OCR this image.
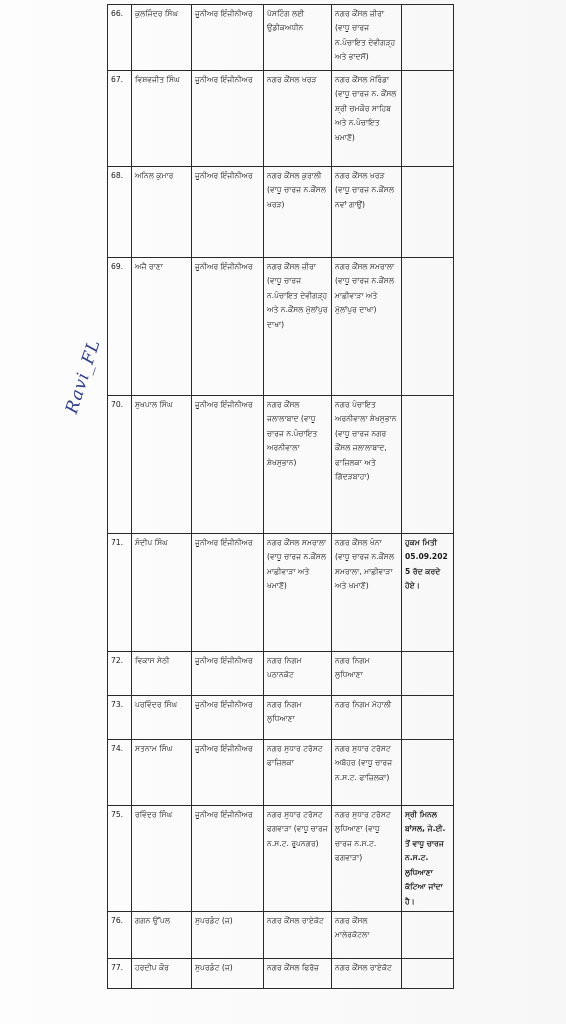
Ravi_FL
66.	ਕੁਲਜਿੰਦਰ ਸਿੰਘ	ਜੂਨੀਅਰ ਇੰਜੀਨੀਅਰ	ਪੋਸਟਿੰਗ ਲਈ ਉਡੀਕਅਧੀਨ	ਨਗਰ ਕੌਂਸਲ ਜ਼ੀਰਾ (ਵਾਧੂ ਚਾਰਜ ਨ.ਪੰਚਾਇਤ ਦੇਵੀਗੜ੍ਹ ਅਤੇ ਭਾਦਸੋਂ)	
67.	ਵਿਸ਼ਵਜੀਤ ਸਿੰਘ	ਜੂਨੀਅਰ ਇੰਜੀਨੀਅਰ	ਨਗਰ ਕੌਂਸਲ ਖਰੜ	ਨਗਰ ਕੌਂਸਲ ਮੋਰਿੰਡਾ (ਵਾਧੂ ਚਾਰਜ ਨ. ਕੌਂਸਲ ਸ਼੍ਰੀ ਚਮਕੌਰ ਸਾਹਿਬ ਅਤੇ ਨ.ਪੰਚਾਇਤ ਖਮਾਣੋਂ)	
68.	ਅਨਿਲ ਕੁਮਾਰ	ਜੂਨੀਅਰ ਇੰਜੀਨੀਅਰ	ਨਗਰ ਕੌਂਸਲ ਕੁਰਾਲੀ (ਵਾਧੂ ਚਾਰਜ ਨ.ਕੌਂਸਲ ਖਰੜ)	ਨਗਰ ਕੌਂਸਲ ਖਰੜ (ਵਾਧੂ ਚਾਰਜ ਨ.ਕੌਂਸਲ ਨਵਾਂ ਗਾਉਂ)	
69.	ਅਜੈ ਰਾਣਾ	ਜੂਨੀਅਰ ਇੰਜੀਨੀਅਰ	ਨਗਰ ਕੌਂਸਲ ਜ਼ੀਰਾ (ਵਾਧੂ ਚਾਰਜ ਨ.ਪੰਚਾਇਤ ਦੇਵੀਗੜ੍ਹ ਅਤੇ ਨ.ਕੌਂਸਲ ਮੁੱਲਾਂਪੁਰ ਦਾਖਾ)	ਨਗਰ ਕੌਂਸਲ ਸਮਰਾਲਾ (ਵਾਧੂ ਚਾਰਜ ਨ.ਕੌਂਸਲ ਮਾਛੀਵਾੜਾ ਅਤੇ ਮੁੱਲਾਂਪੁਰ ਦਾਖਾ)	
70.	ਸੁਖਪਾਲ ਸਿੰਘ	ਜੂਨੀਅਰ ਇੰਜੀਨੀਅਰ	ਨਗਰ ਕੌਂਸਲ ਜਲਾਲਾਬਾਦ (ਵਾਧੂ ਚਾਰਜ ਨ.ਪੰਚਾਇਤ ਅਰਨੀਵਾਲਾ ਸ਼ੇਖਸੁਭਾਨ)	ਨਗਰ ਪੰਚਾਇਤ ਅਰਨੀਵਾਲਾ ਸ਼ੇਖਸੁਭਾਨ (ਵਾਧੂ ਚਾਰਜ ਨਗਰ ਕੌਂਸਲ ਜਲਾਲਾਬਾਦ, ਫਾਜ਼ਿਲਕਾ ਅਤੇ ਗਿੱਦੜਬਾਹਾ)	
71.	ਸੰਦੀਪ ਸਿੰਘ	ਜੂਨੀਅਰ ਇੰਜੀਨੀਅਰ	ਨਗਰ ਕੌਂਸਲ ਸਮਰਾਲਾ (ਵਾਧੂ ਚਾਰਜ ਨ.ਕੌਂਸਲ ਮਾਛੀਵਾੜਾ ਅਤੇ ਖਮਾਣੋਂ)	ਨਗਰ ਕੌਂਸਲ ਖੰਨਾ (ਵਾਧੂ ਚਾਰਜ ਨ.ਕੌਂਸਲ ਸਮਰਾਲਾ, ਮਾਛੀਵਾੜਾ ਅਤੇ ਖਮਾਣੋਂ)	ਹੁਕਮ ਮਿਤੀ 05.09.2025 ਰੱਦ ਕਰਦੇ ਹੋਏ।
72.	ਵਿਕਾਸ ਸੇਠੀ	ਜੂਨੀਅਰ ਇੰਜੀਨੀਅਰ	ਨਗਰ ਨਿਗਮ ਪਠਾਨਕੋਟ	ਨਗਰ ਨਿਗਮ ਲੁਧਿਆਣਾ	
73.	ਪਰਵਿੰਦਰ ਸਿੰਘ	ਜੂਨੀਅਰ ਇੰਜੀਨੀਅਰ	ਨਗਰ ਨਿਗਮ ਲੁਧਿਆਣਾ	ਨਗਰ ਨਿਗਮ ਮੋਹਾਲੀ	
74.	ਸਤਨਾਮ ਸਿੰਘ	ਜੂਨੀਅਰ ਇੰਜੀਨੀਅਰ	ਨਗਰ ਸੁਧਾਰ ਟਰੱਸਟ ਫਾਜ਼ਿਲਕਾ	ਨਗਰ ਸੁਧਾਰ ਟਰੱਸਟ ਅਬੋਹਰ (ਵਾਧੂ ਚਾਰਜ ਨ.ਸ.ਟ. ਫਾਜ਼ਿਲਕਾ)	
75.	ਰਵਿੰਦਰ ਸਿੰਘ	ਜੂਨੀਅਰ ਇੰਜੀਨੀਅਰ	ਨਗਰ ਸੁਧਾਰ ਟਰੱਸਟ ਫਗਵਾੜਾ (ਵਾਧੂ ਚਾਰਜ ਨ.ਸ.ਟ. ਰੂਪਨਗਰ)	ਨਗਰ ਸੁਧਾਰ ਟਰੱਸਟ ਲੁਧਿਆਣਾ (ਵਾਧੂ ਚਾਰਜ ਨ.ਸ.ਟ. ਫਗਵਾੜਾ)	ਸ੍ਰੀ ਮਿਨਲ ਬਾਂਸਲ, ਜੇ.ਈ. ਤੋਂ ਵਾਧੂ ਚਾਰਜ ਨ.ਸ.ਟ. ਲੁਧਿਆਣਾ ਕੱਟਿਆ ਜਾਂਦਾ ਹੈ।
76.	ਗਗਨ ਉੱਪਲ	ਸੁਪਰਡੰਟ (ਜ)	ਨਗਰ ਕੌਂਸਲ ਰਾਏਕੋਟ	ਨਗਰ ਕੌਂਸਲ ਮਾਲੇਰਕੋਟਲਾ	
77.	ਹਰਦੀਪ ਕੌਰ	ਸੁਪਰਡੰਟ (ਜ)	ਨਗਰ ਕੌਂਸਲ ਫਿਰੋਜ਼	ਨਗਰ ਕੌਂਸਲ ਰਾਏਕੋਟ	
